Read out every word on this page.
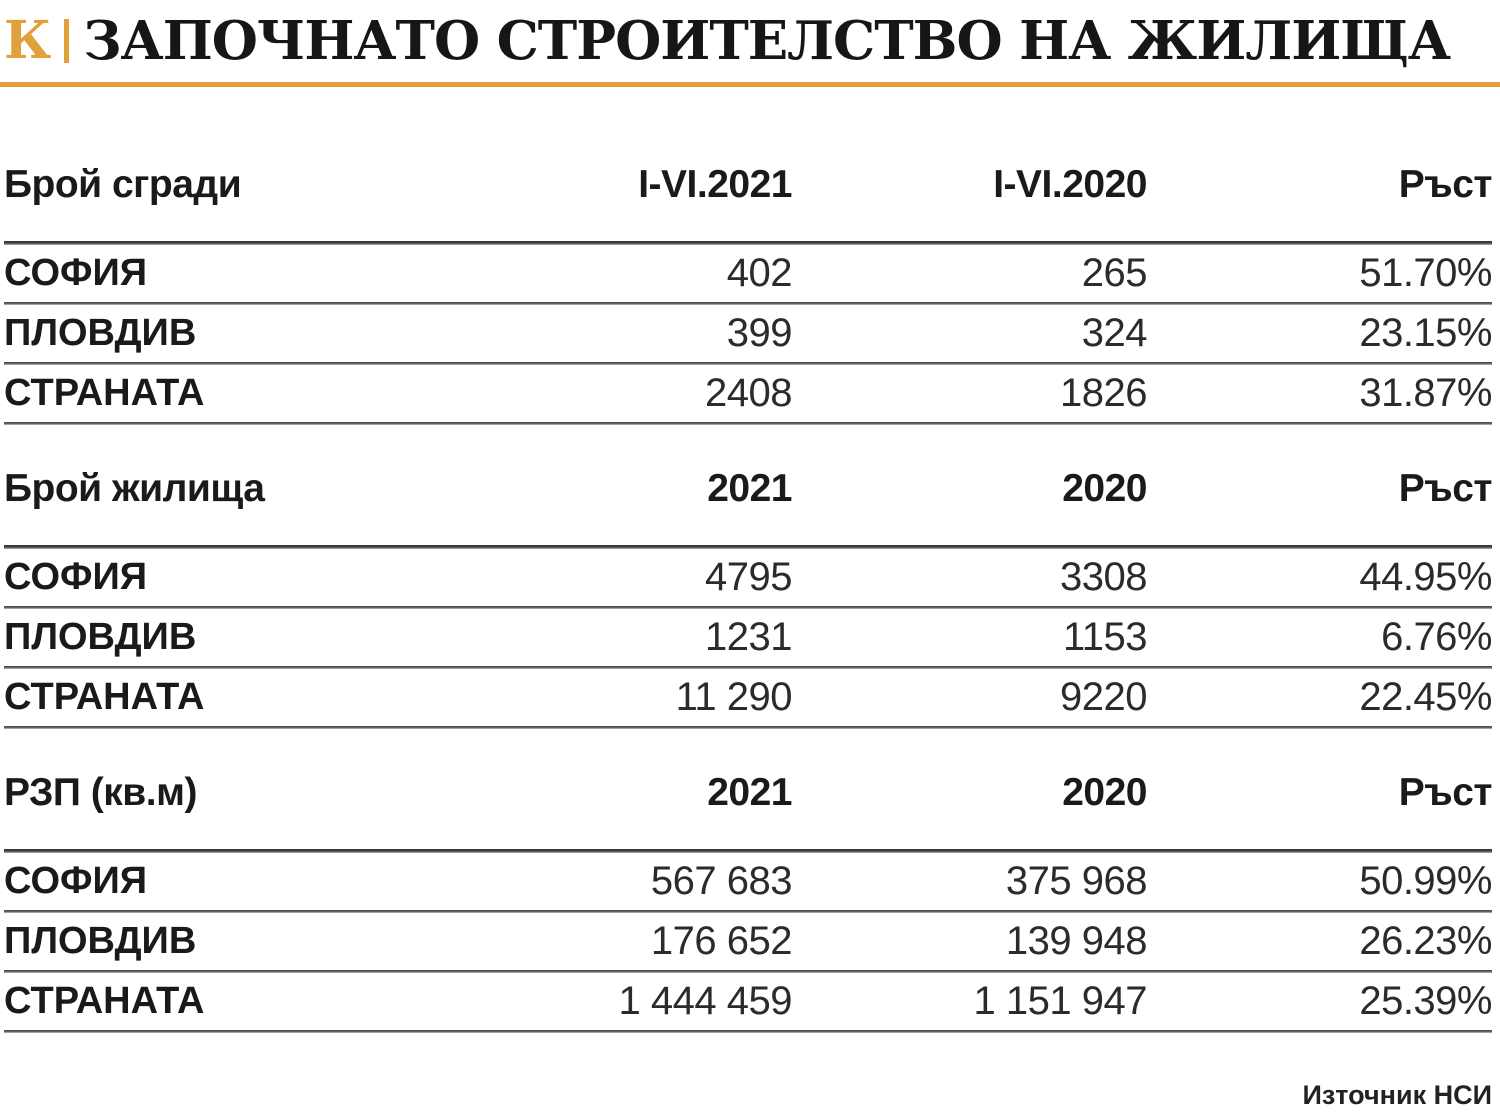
К ЗАПОЧНАТО СТРОИТЕЛСТВО НА ЖИЛИЩА
Брой сгради	I-VI.2021	I-VI.2020	Ръст
СОФИЯ	402	265	51.70%
ПЛОВДИВ	399	324	23.15%
СТРАНАТА	2408	1826	31.87%
Брой жилища	2021	2020	Ръст
СОФИЯ	4795	3308	44.95%
ПЛОВДИВ	1231	1153	6.76%
СТРАНАТА	11 290	9220	22.45%
РЗП (кв.м)	2021	2020	Ръст
СОФИЯ	567 683	375 968	50.99%
ПЛОВДИВ	176 652	139 948	26.23%
СТРАНАТА	1 444 459	1 151 947	25.39%
Източник НСИ
